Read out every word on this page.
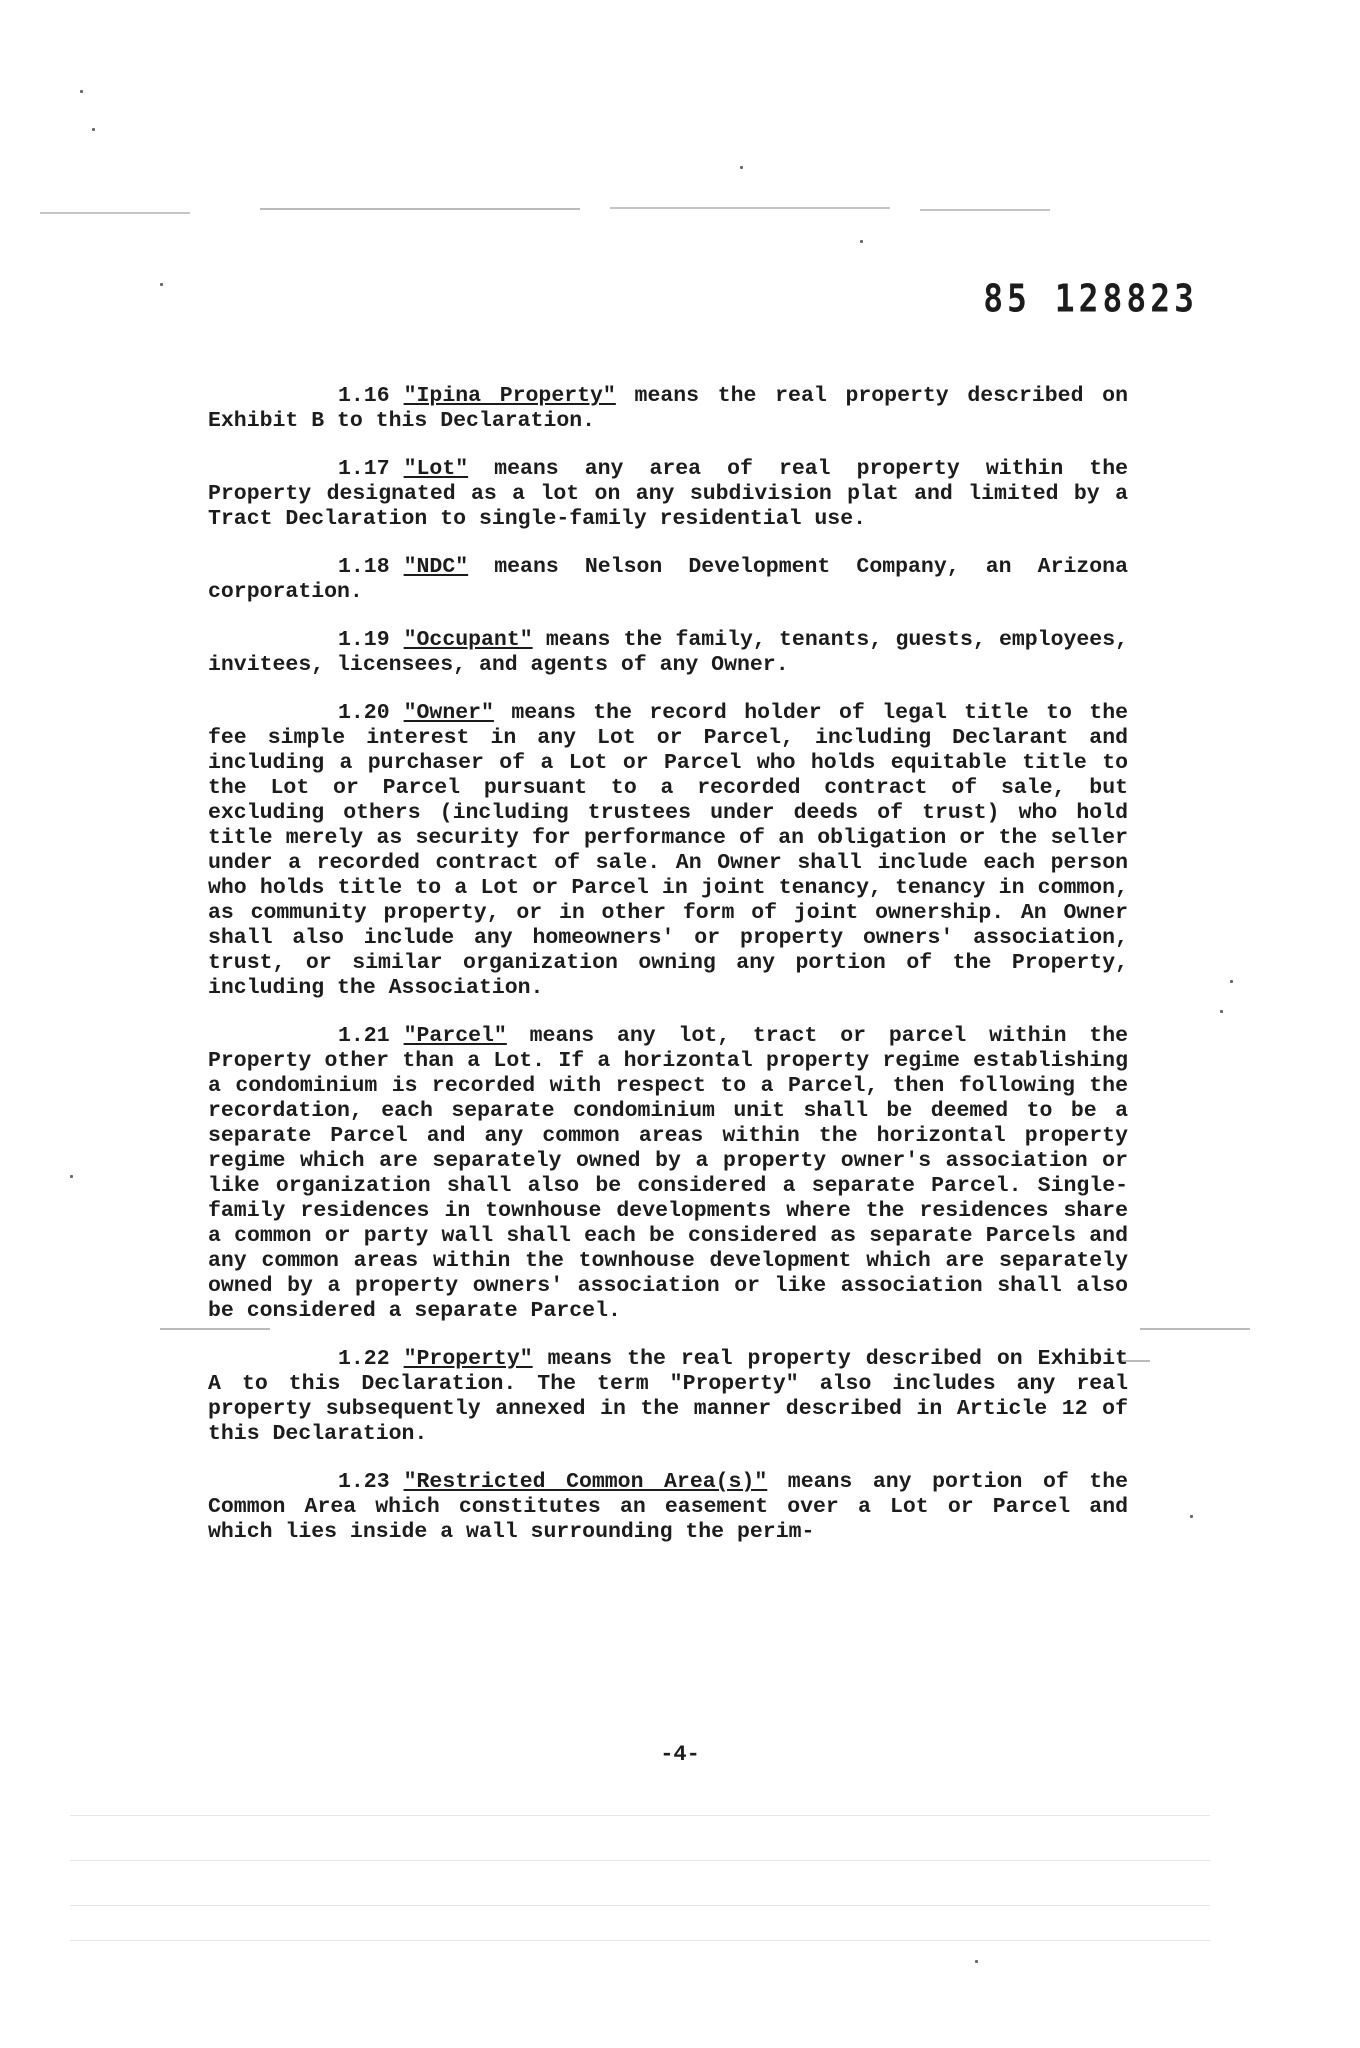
85 128823

1.16 "Ipina Property" means the real property described on Exhibit B to this Declaration.

1.17 "Lot" means any area of real property within the Property designated as a lot on any subdivision plat and limited by a Tract Declaration to single-family residential use.

1.18 "NDC" means Nelson Development Company, an Arizona corporation.

1.19 "Occupant" means the family, tenants, guests, employees, invitees, licensees, and agents of any Owner.

1.20 "Owner" means the record holder of legal title to the fee simple interest in any Lot or Parcel, including Declarant and including a purchaser of a Lot or Parcel who holds equitable title to the Lot or Parcel pursuant to a recorded contract of sale, but excluding others (including trustees under deeds of trust) who hold title merely as security for performance of an obligation or the seller under a recorded contract of sale. An Owner shall include each person who holds title to a Lot or Parcel in joint tenancy, tenancy in common, as community property, or in other form of joint ownership. An Owner shall also include any homeowners' or property owners' association, trust, or similar organization owning any portion of the Property, including the Association.

1.21 "Parcel" means any lot, tract or parcel within the Property other than a Lot. If a horizontal property regime establishing a condominium is recorded with respect to a Parcel, then following the recordation, each separate condominium unit shall be deemed to be a separate Parcel and any common areas within the horizontal property regime which are separately owned by a property owner's association or like organization shall also be considered a separate Parcel. Single-family residences in townhouse developments where the residences share a common or party wall shall each be considered as separate Parcels and any common areas within the townhouse development which are separately owned by a property owners' association or like association shall also be considered a separate Parcel.

1.22 "Property" means the real property described on Exhibit A to this Declaration. The term "Property" also includes any real property subsequently annexed in the manner described in Article 12 of this Declaration.

1.23 "Restricted Common Area(s)" means any portion of the Common Area which constitutes an easement over a Lot or Parcel and which lies inside a wall surrounding the perim-

-4-
